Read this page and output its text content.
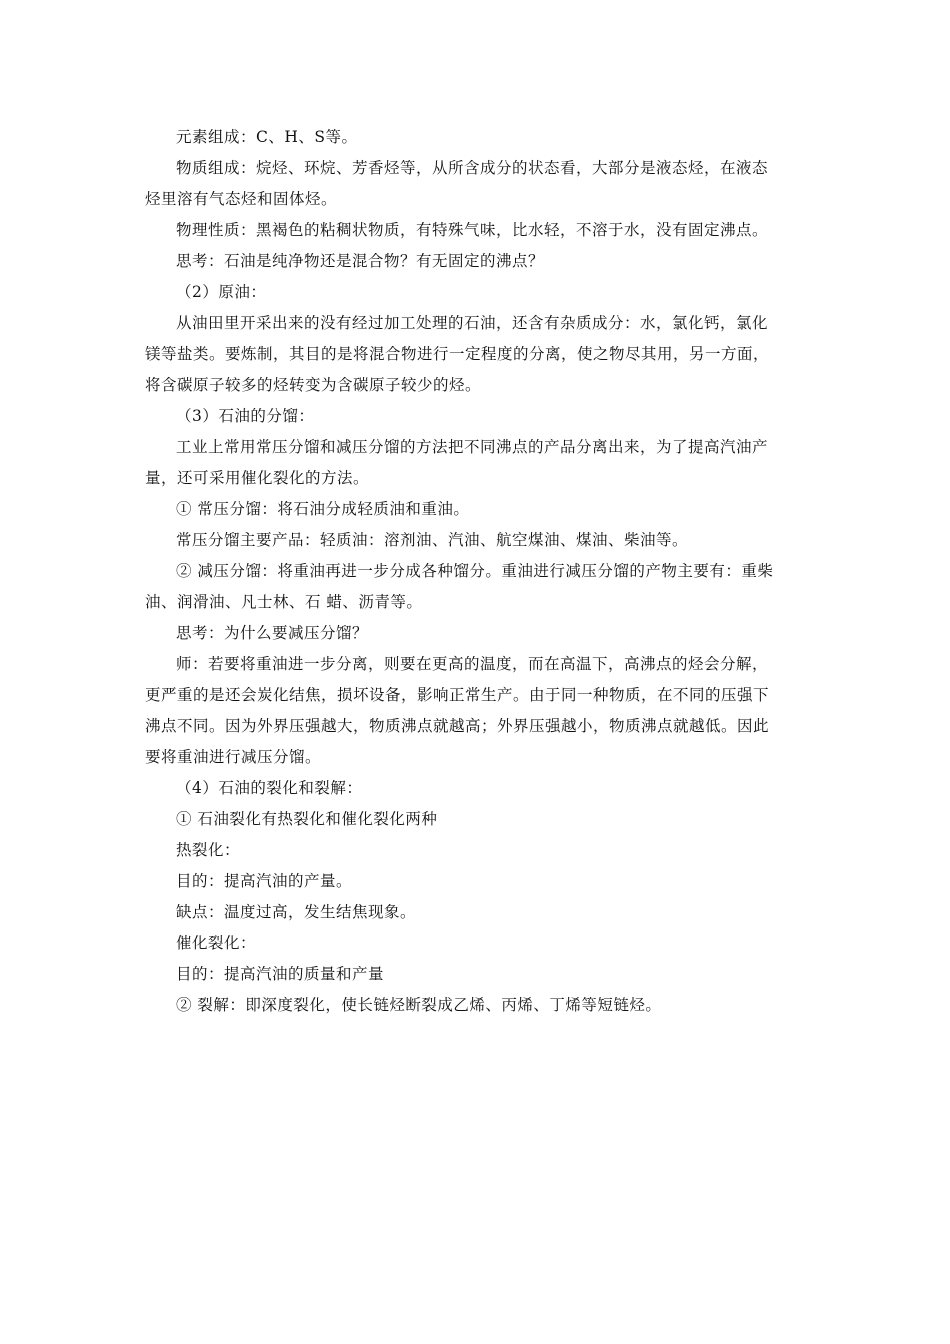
元素组成：C、H、S等。
物质组成：烷烃、环烷、芳香烃等，从所含成分的状态看，大部分是液态烃，在液态
烃里溶有气态烃和固体烃。
物理性质：黑褐色的粘稠状物质，有特殊气味，比水轻，不溶于水，没有固定沸点。
思考：石油是纯净物还是混合物？有无固定的沸点？
（2）原油：
从油田里开采出来的没有经过加工处理的石油，还含有杂质成分：水，氯化钙，氯化
镁等盐类。要炼制，其目的是将混合物进行一定程度的分离，使之物尽其用，另一方面，
将含碳原子较多的烃转变为含碳原子较少的烃。
（3）石油的分馏：
工业上常用常压分馏和减压分馏的方法把不同沸点的产品分离出来，为了提高汽油产
量，还可采用催化裂化的方法。
① 常压分馏：将石油分成轻质油和重油。
常压分馏主要产品：轻质油：溶剂油、汽油、航空煤油、煤油、柴油等。
② 减压分馏：将重油再进一步分成各种馏分。重油进行减压分馏的产物主要有：重柴
油、润滑油、凡士林、石 蜡、沥青等。
思考：为什么要减压分馏？
师：若要将重油进一步分离，则要在更高的温度，而在高温下，高沸点的烃会分解，
更严重的是还会炭化结焦，损坏设备，影响正常生产。由于同一种物质，在不同的压强下
沸点不同。因为外界压强越大，物质沸点就越高；外界压强越小，物质沸点就越低。因此
要将重油进行减压分馏。
（4）石油的裂化和裂解：
① 石油裂化有热裂化和催化裂化两种
热裂化：
目的：提高汽油的产量。
缺点：温度过高，发生结焦现象。
催化裂化：
目的：提高汽油的质量和产量
② 裂解：即深度裂化，使长链烃断裂成乙烯、丙烯、丁烯等短链烃。
